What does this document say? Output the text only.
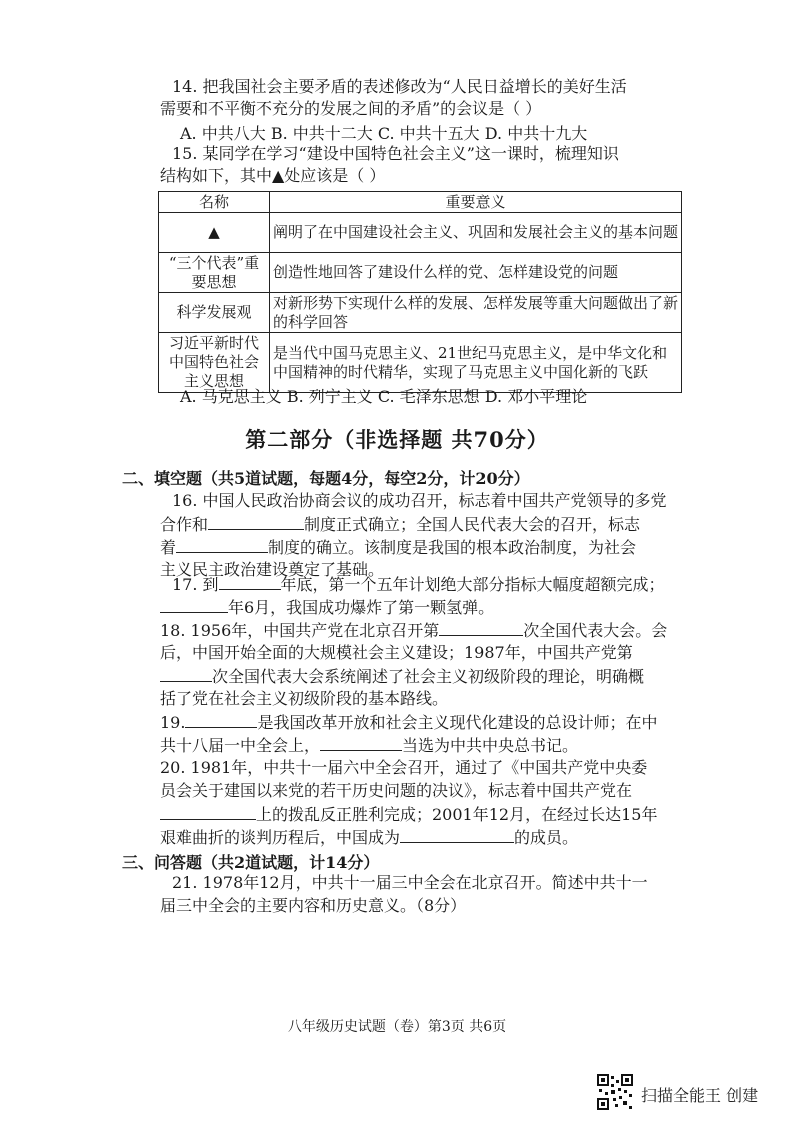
14. 把我国社会主要矛盾的表述修改为“人民日益增长的美好生活
需要和不平衡不充分的发展之间的矛盾”的会议是（ ）
A. 中共八大 B. 中共十二大 C. 中共十五大 D. 中共十九大
15. 某同学在学习“建设中国特色社会主义”这一课时，梳理知识
结构如下，其中▲处应该是（ ）
名称	重要意义
▲	阐明了在中国建设社会主义、巩固和发展社会主义的基本问题
“三个代表”重要思想	创造性地回答了建设什么样的党、怎样建设党的问题
科学发展观	对新形势下实现什么样的发展、怎样发展等重大问题做出了新的科学回答
习近平新时代中国特色社会主义思想	是当代中国马克思主义、21世纪马克思主义，是中华文化和中国精神的时代精华，实现了马克思主义中国化新的飞跃
A. 马克思主义 B. 列宁主义 C. 毛泽东思想 D. 邓小平理论
第二部分（非选择题 共70分）
二、填空题（共5道试题，每题4分，每空2分，计20分）
16. 中国人民政治协商会议的成功召开，标志着中国共产党领导的多党
合作和	制度正式确立；全国人民代表大会的召开，标志
着	制度的确立。该制度是我国的根本政治制度，为社会
主义民主政治建设奠定了基础。
17. 到	年底，第一个五年计划绝大部分指标大幅度超额完成；
年6月，我国成功爆炸了第一颗氢弹。
18. 1956年，中国共产党在北京召开第	次全国代表大会。会
后，中国开始全面的大规模社会主义建设；1987年，中国共产党第
次全国代表大会系统阐述了社会主义初级阶段的理论，明确概
括了党在社会主义初级阶段的基本路线。
19.	是我国改革开放和社会主义现代化建设的总设计师；在中
共十八届一中全会上，	当选为中共中央总书记。
20. 1981年，中共十一届六中全会召开，通过了《中国共产党中央委
员会关于建国以来党的若干历史问题的决议》，标志着中国共产党在
上的拨乱反正胜利完成；2001年12月，在经过长达15年
艰难曲折的谈判历程后，中国成为	的成员。
三、问答题（共2道试题，计14分）
21. 1978年12月，中共十一届三中全会在北京召开。简述中共十一
届三中全会的主要内容和历史意义。（8分）
八年级历史试题（卷）第3页 共6页
扫描全能王 创建
